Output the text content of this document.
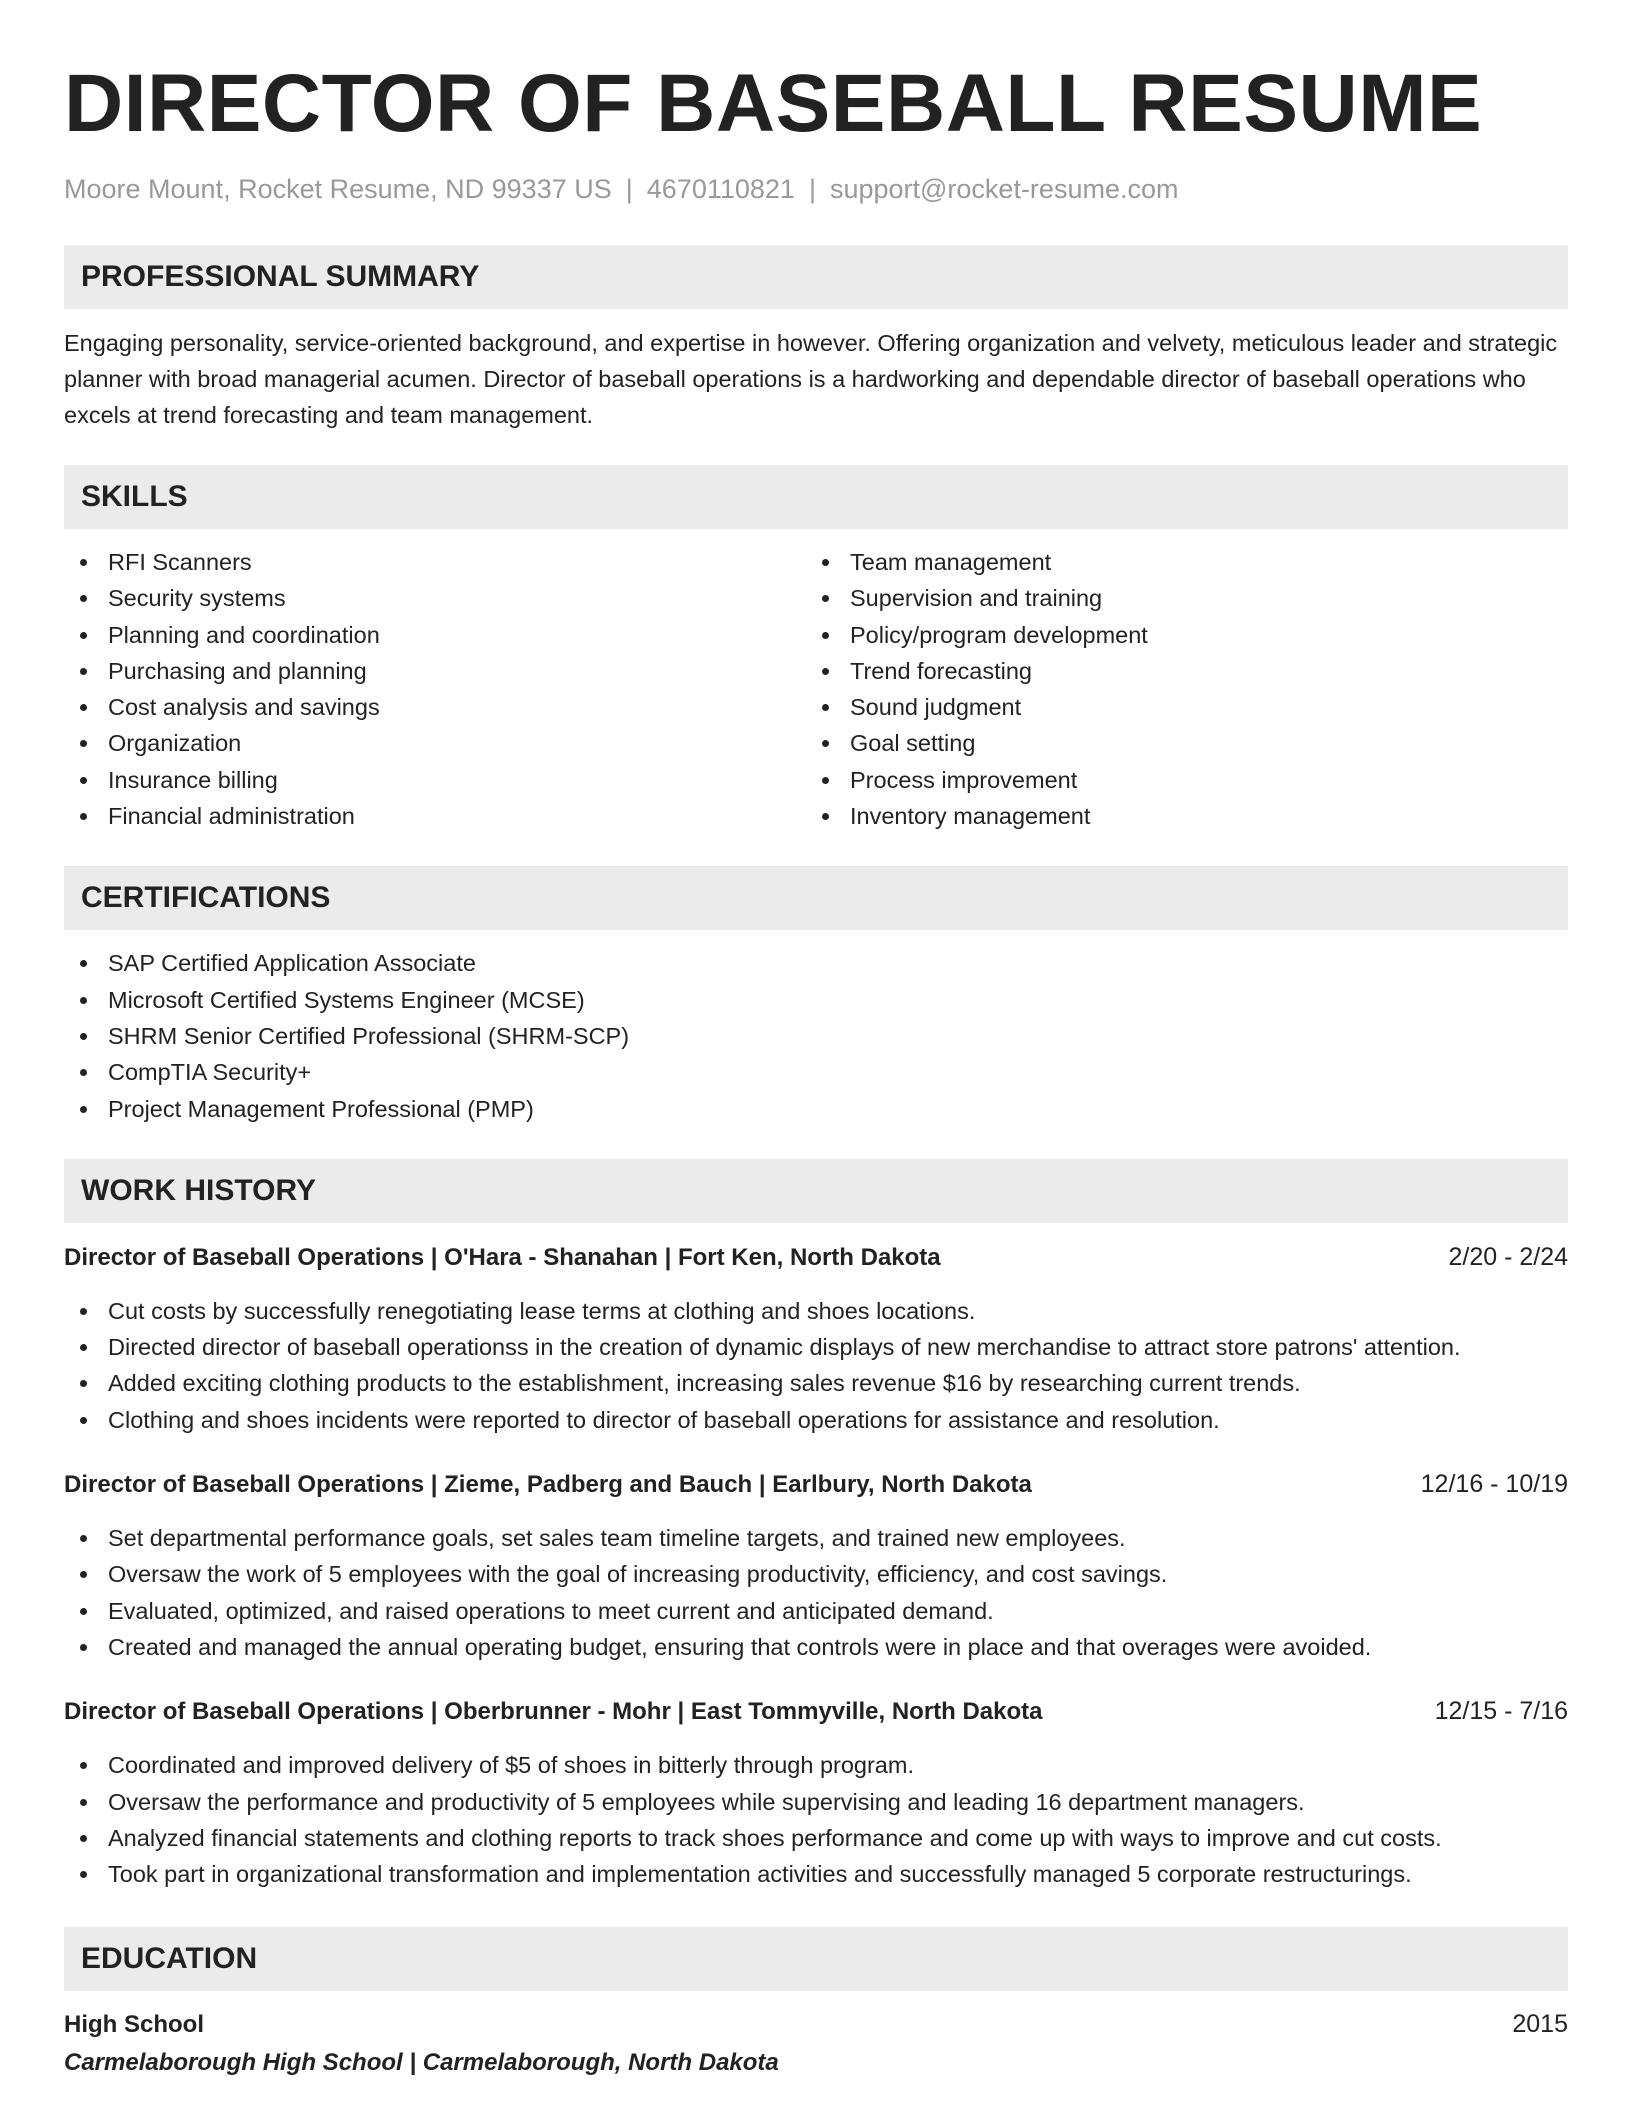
DIRECTOR OF BASEBALL RESUME
Moore Mount, Rocket Resume, ND 99337 US | 4670110821 | support@rocket-resume.com
PROFESSIONAL SUMMARY
Engaging personality, service-oriented background, and expertise in however. Offering organization and velvety, meticulous leader and strategic planner with broad managerial acumen. Director of baseball operations is a hardworking and dependable director of baseball operations who excels at trend forecasting and team management.
SKILLS
RFI Scanners
Security systems
Planning and coordination
Purchasing and planning
Cost analysis and savings
Organization
Insurance billing
Financial administration
Team management
Supervision and training
Policy/program development
Trend forecasting
Sound judgment
Goal setting
Process improvement
Inventory management
CERTIFICATIONS
SAP Certified Application Associate
Microsoft Certified Systems Engineer (MCSE)
SHRM Senior Certified Professional (SHRM-SCP)
CompTIA Security+
Project Management Professional (PMP)
WORK HISTORY
Director of Baseball Operations | O'Hara - Shanahan | Fort Ken, North Dakota	2/20 - 2/24
Cut costs by successfully renegotiating lease terms at clothing and shoes locations.
Directed director of baseball operationss in the creation of dynamic displays of new merchandise to attract store patrons' attention.
Added exciting clothing products to the establishment, increasing sales revenue $16 by researching current trends.
Clothing and shoes incidents were reported to director of baseball operations for assistance and resolution.
Director of Baseball Operations | Zieme, Padberg and Bauch | Earlbury, North Dakota	12/16 - 10/19
Set departmental performance goals, set sales team timeline targets, and trained new employees.
Oversaw the work of 5 employees with the goal of increasing productivity, efficiency, and cost savings.
Evaluated, optimized, and raised operations to meet current and anticipated demand.
Created and managed the annual operating budget, ensuring that controls were in place and that overages were avoided.
Director of Baseball Operations | Oberbrunner - Mohr | East Tommyville, North Dakota	12/15 - 7/16
Coordinated and improved delivery of $5 of shoes in bitterly through program.
Oversaw the performance and productivity of 5 employees while supervising and leading 16 department managers.
Analyzed financial statements and clothing reports to track shoes performance and come up with ways to improve and cut costs.
Took part in organizational transformation and implementation activities and successfully managed 5 corporate restructurings.
EDUCATION
High School	2015
Carmelaborough High School | Carmelaborough, North Dakota
